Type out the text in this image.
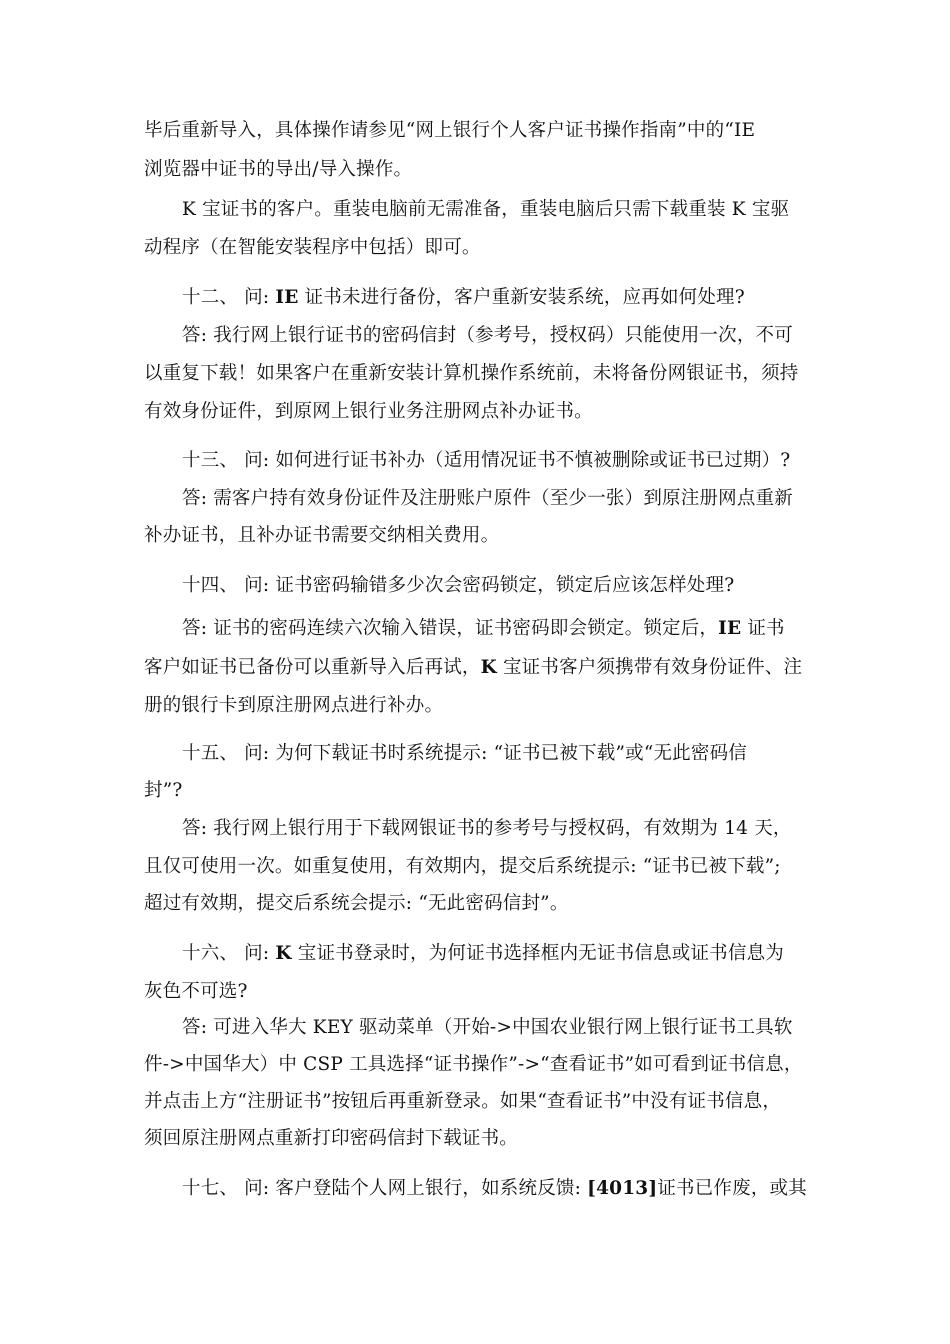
毕后重新导入，具体操作请参见“网上银行个人客户证书操作指南”中的“IE
浏览器中证书的导出/导入操作。
K 宝证书的客户。重装电脑前无需准备，重装电脑后只需下载重装 K 宝驱
动程序（在智能安装程序中包括）即可。
十二、 问: IE 证书未进行备份，客户重新安装系统，应再如何处理?
答: 我行网上银行证书的密码信封（参考号，授权码）只能使用一次，不可
以重复下载！如果客户在重新安装计算机操作系统前，未将备份网银证书，须持
有效身份证件，到原网上银行业务注册网点补办证书。
十三、 问: 如何进行证书补办（适用情况证书不慎被删除或证书已过期）?
答: 需客户持有效身份证件及注册账户原件（至少一张）到原注册网点重新
补办证书，且补办证书需要交纳相关费用。
十四、 问: 证书密码输错多少次会密码锁定，锁定后应该怎样处理?
答: 证书的密码连续六次输入错误，证书密码即会锁定。锁定后，IE 证书
客户如证书已备份可以重新导入后再试，K 宝证书客户须携带有效身份证件、注
册的银行卡到原注册网点进行补办。
十五、 问: 为何下载证书时系统提示: “证书已被下载”或“无此密码信
封”?
答: 我行网上银行用于下载网银证书的参考号与授权码，有效期为 14 天，
且仅可使用一次。如重复使用，有效期内，提交后系统提示: “证书已被下载”;
超过有效期，提交后系统会提示: “无此密码信封”。
十六、 问: K 宝证书登录时，为何证书选择框内无证书信息或证书信息为
灰色不可选?
答: 可进入华大 KEY 驱动菜单（开始->中国农业银行网上银行证书工具软
件->中国华大）中 CSP 工具选择“证书操作”->“查看证书”如可看到证书信息，
并点击上方“注册证书”按钮后再重新登录。如果“查看证书”中没有证书信息，
须回原注册网点重新打印密码信封下载证书。
十七、 问: 客户登陆个人网上银行，如系统反馈: [4013]证书已作废，或其
